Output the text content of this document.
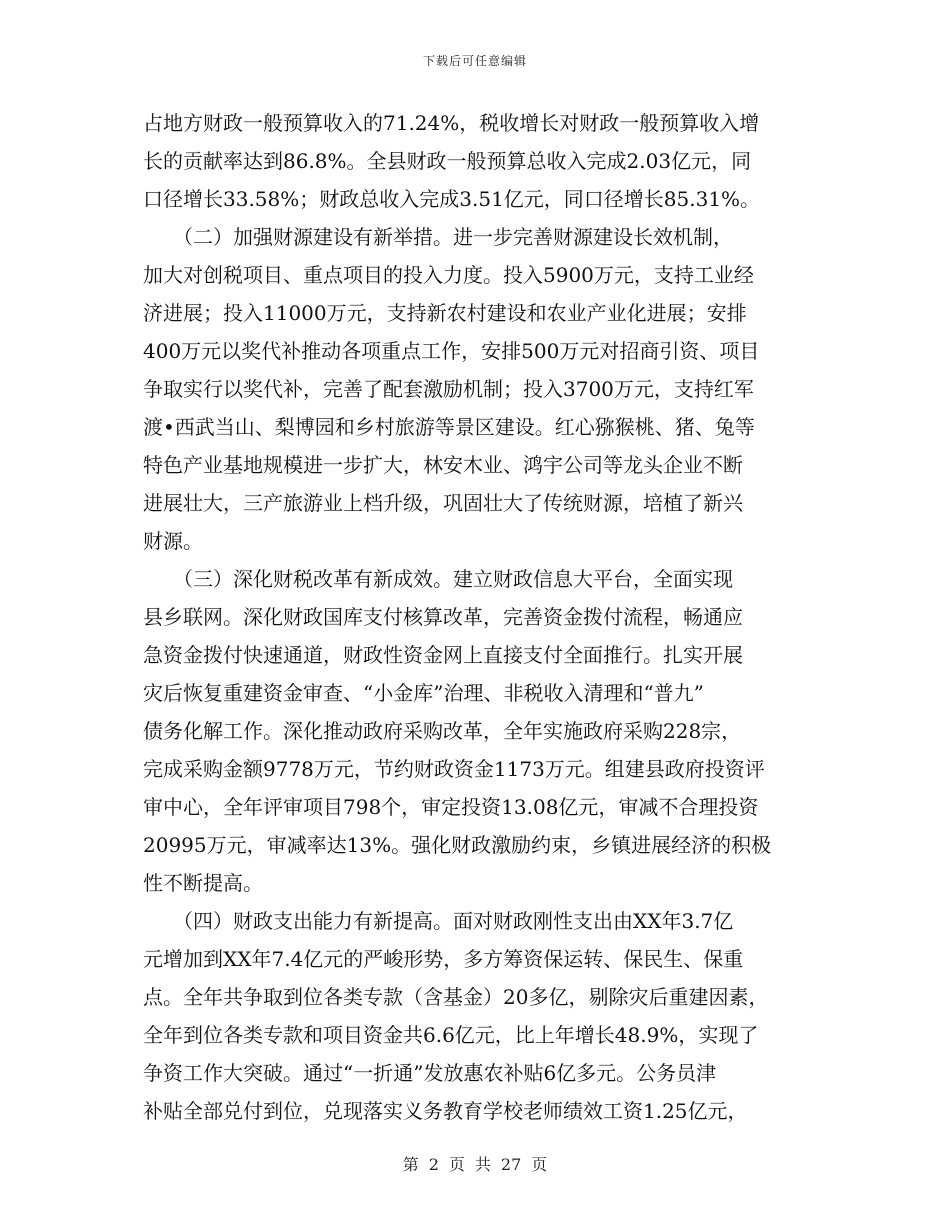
下载后可任意编辑
占地方财政一般预算收入的71.24%，税收增长对财政一般预算收入增
长的贡献率达到86.8%。全县财政一般预算总收入完成2.03亿元，同
口径增长33.58%；财政总收入完成3.51亿元，同口径增长85.31%。
　　（二）加强财源建设有新举措。进一步完善财源建设长效机制，
加大对创税项目、重点项目的投入力度。投入5900万元，支持工业经
济进展；投入11000万元，支持新农村建设和农业产业化进展；安排
400万元以奖代补推动各项重点工作，安排500万元对招商引资、项目
争取实行以奖代补，完善了配套激励机制；投入3700万元，支持红军
渡•西武当山、梨博园和乡村旅游等景区建设。红心猕猴桃、猪、兔等
特色产业基地规模进一步扩大，林安木业、鸿宇公司等龙头企业不断
进展壮大，三产旅游业上档升级，巩固壮大了传统财源，培植了新兴
财源。
　　（三）深化财税改革有新成效。建立财政信息大平台，全面实现
县乡联网。深化财政国库支付核算改革，完善资金拨付流程，畅通应
急资金拨付快速通道，财政性资金网上直接支付全面推行。扎实开展
灾后恢复重建资金审查、“小金库”治理、非税收入清理和“普九”
债务化解工作。深化推动政府采购改革，全年实施政府采购228宗，
完成采购金额9778万元，节约财政资金1173万元。组建县政府投资评
审中心，全年评审项目798个，审定投资13.08亿元，审减不合理投资
20995万元，审减率达13%。强化财政激励约束，乡镇进展经济的积极
性不断提高。
　　（四）财政支出能力有新提高。面对财政刚性支出由XX年3.7亿
元增加到XX年7.4亿元的严峻形势，多方筹资保运转、保民生、保重
点。全年共争取到位各类专款（含基金）20多亿，剔除灾后重建因素，
全年到位各类专款和项目资金共6.6亿元，比上年增长48.9%，实现了
争资工作大突破。通过“一折通”发放惠农补贴6亿多元。公务员津
补贴全部兑付到位，兑现落实义务教育学校老师绩效工资1.25亿元，
第 2 页 共 27 页
